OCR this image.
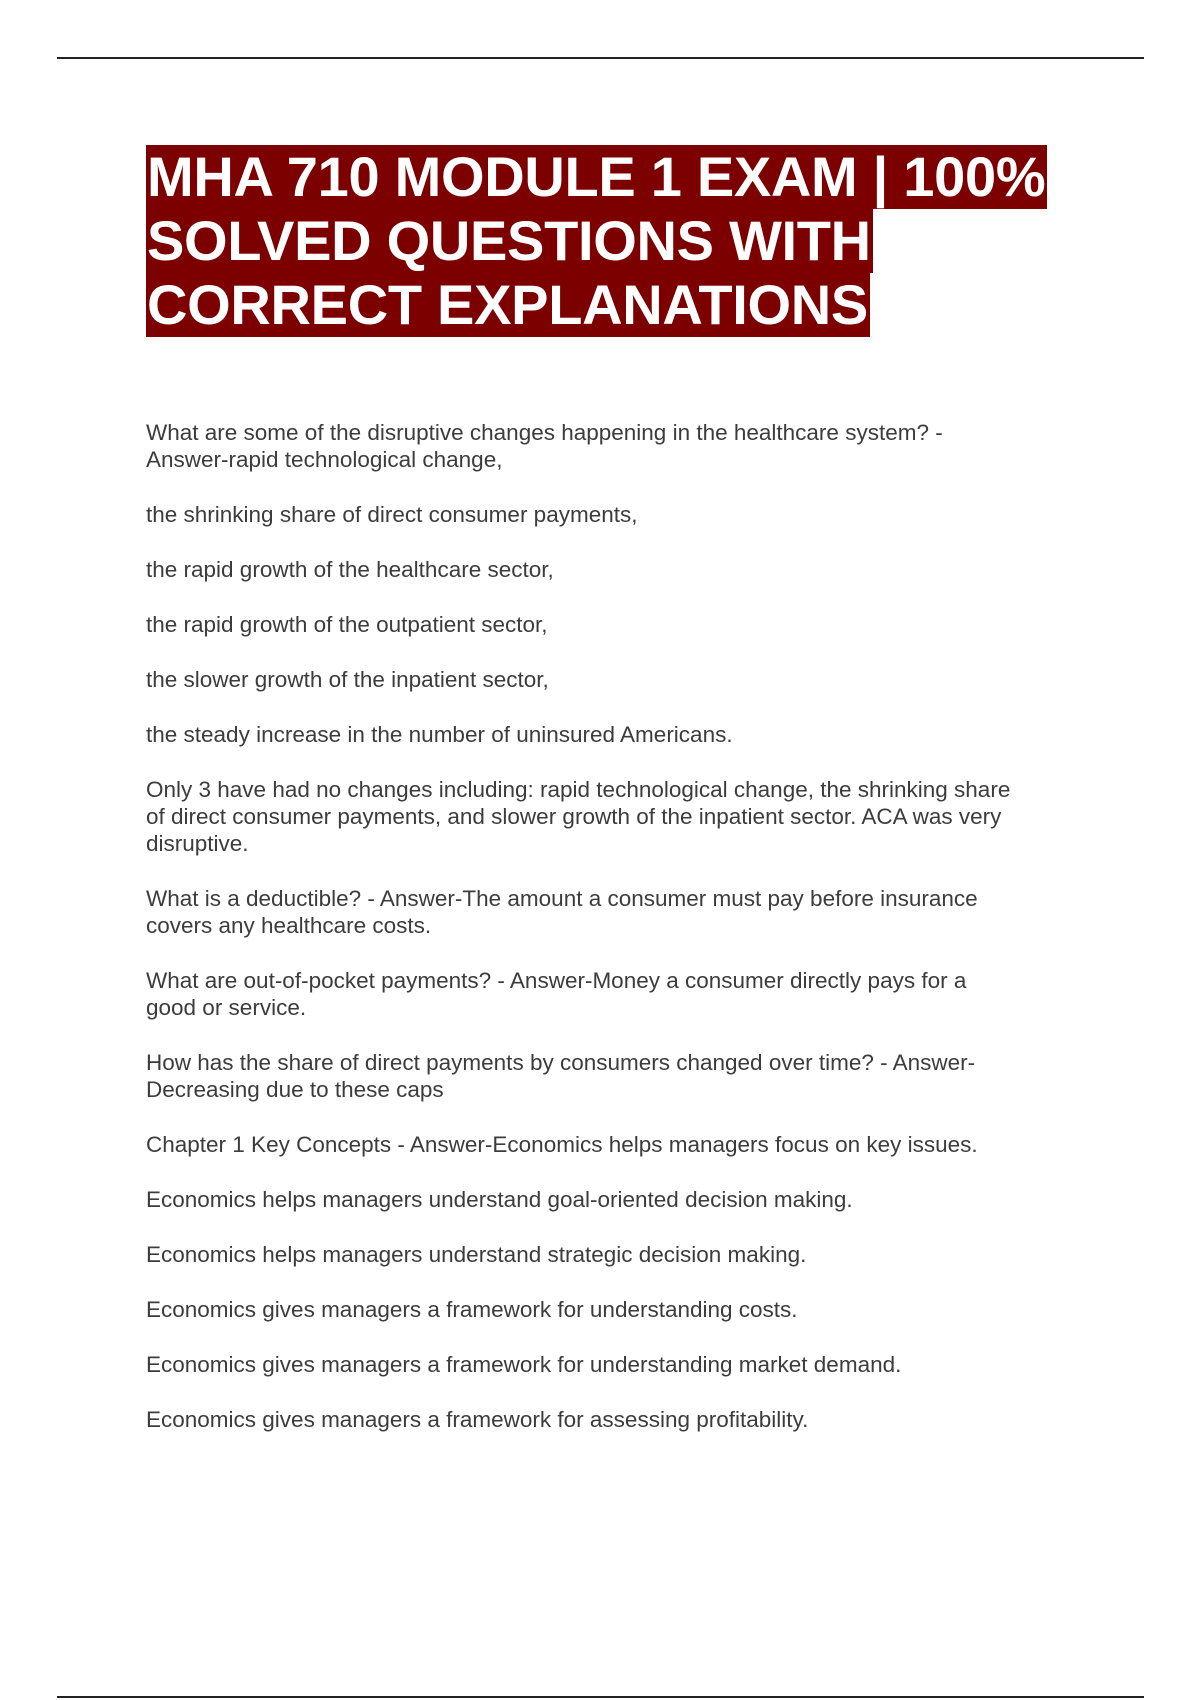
MHA 710 MODULE 1 EXAM | 100%
SOLVED QUESTIONS WITH
CORRECT EXPLANATIONS

What are some of the disruptive changes happening in the healthcare system? -
Answer-rapid technological change,

the shrinking share of direct consumer payments,

the rapid growth of the healthcare sector,

the rapid growth of the outpatient sector,

the slower growth of the inpatient sector,

the steady increase in the number of uninsured Americans.

Only 3 have had no changes including: rapid technological change, the shrinking share
of direct consumer payments, and slower growth of the inpatient sector. ACA was very
disruptive.

What is a deductible? - Answer-The amount a consumer must pay before insurance
covers any healthcare costs.

What are out-of-pocket payments? - Answer-Money a consumer directly pays for a
good or service.

How has the share of direct payments by consumers changed over time? - Answer-
Decreasing due to these caps

Chapter 1 Key Concepts - Answer-Economics helps managers focus on key issues.

Economics helps managers understand goal-oriented decision making.

Economics helps managers understand strategic decision making.

Economics gives managers a framework for understanding costs.

Economics gives managers a framework for understanding market demand.

Economics gives managers a framework for assessing profitability.
